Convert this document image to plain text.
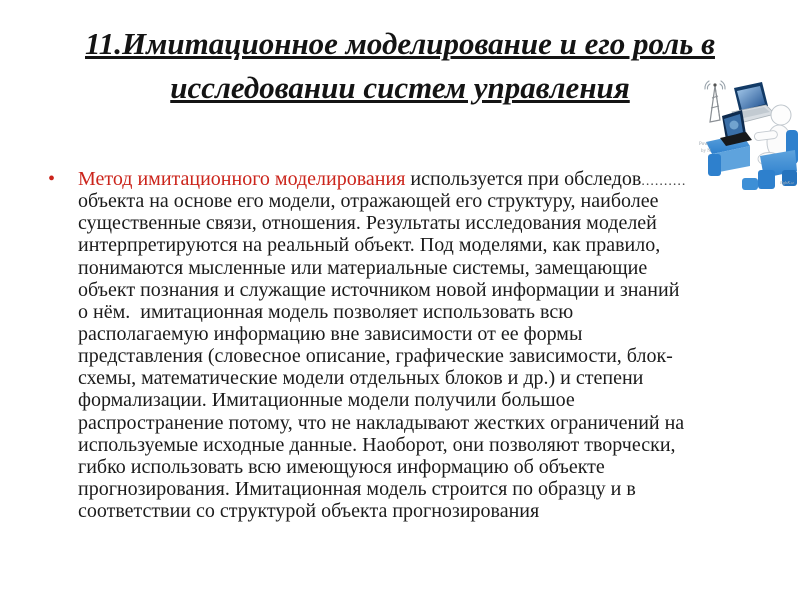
11.Имитационное моделирование и его роль в
исследовании систем управления
Pow
by N
RgbK.u
•	Метод имитационного моделирования используется при обследов..........
объекта на основе его модели, отражающей его структуру, наиболее
существенные связи, отношения. Результаты исследования моделей
интерпретируются на реальный объект. Под моделями, как правило,
понимаются мысленные или материальные системы, замещающие
объект познания и служащие источником новой информации и знаний
о нём.  имитационная модель позволяет использовать всю
располагаемую информацию вне зависимости от ее формы
представления (словесное описание, графические зависимости, блок-
схемы, математические модели отдельных блоков и др.) и степени
формализации. Имитационные модели получили большое
распространение потому, что не накладывают жестких ограничений на
используемые исходные данные. Наоборот, они позволяют творчески,
гибко использовать всю имеющуюся информацию об объекте
прогнозирования. Имитационная модель строится по образцу и в
соответствии со структурой объекта прогнозирования
